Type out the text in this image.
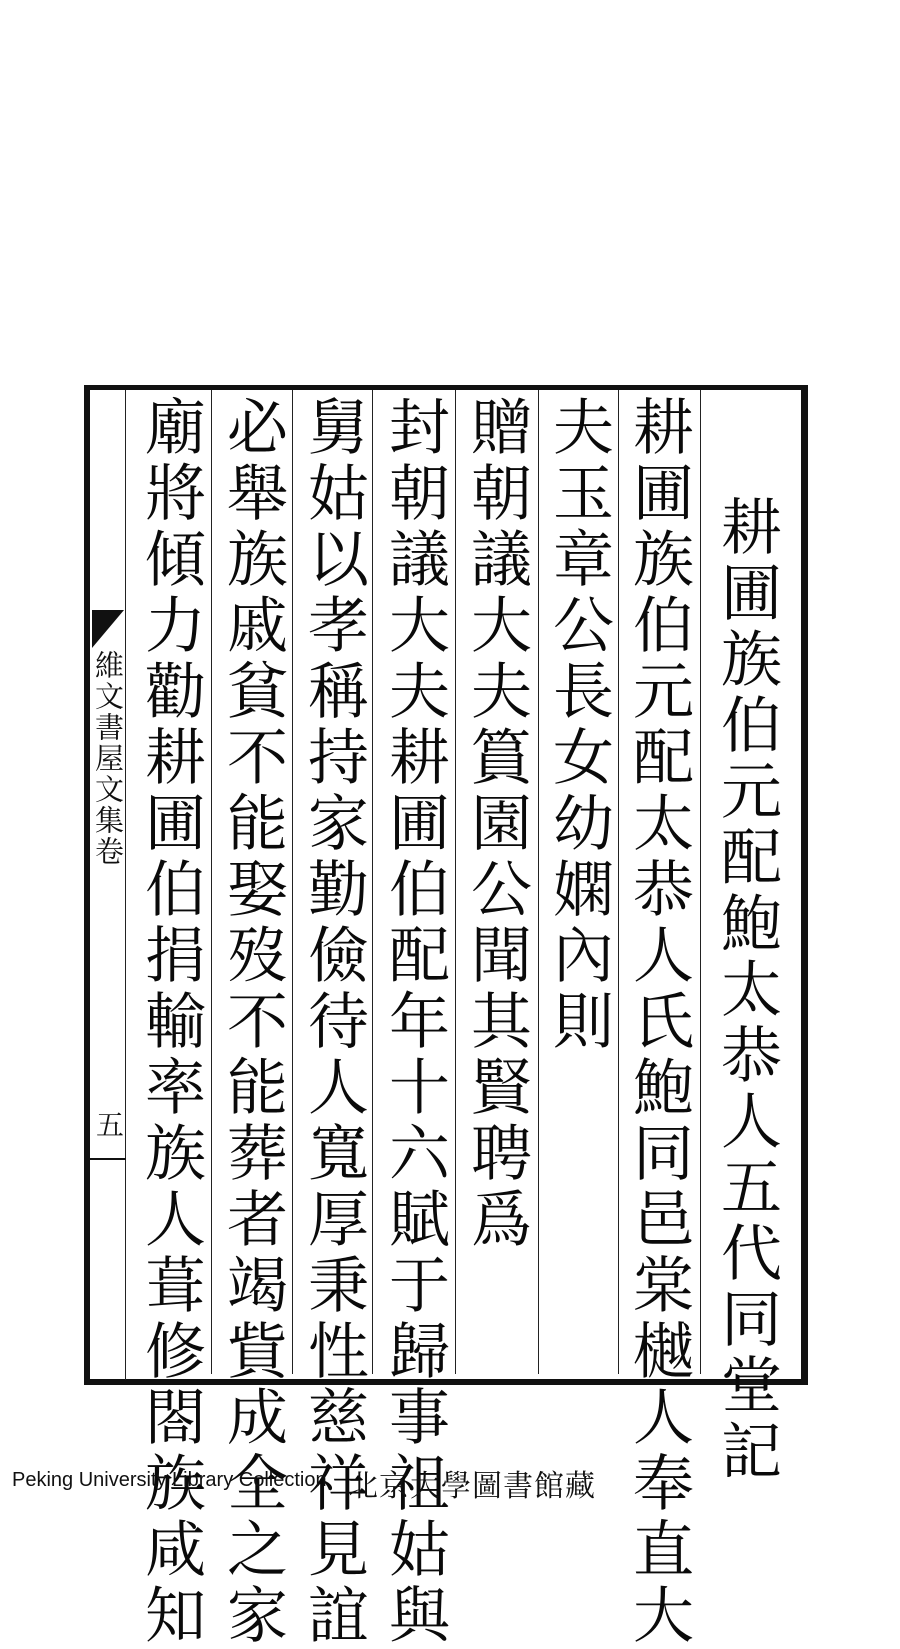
維文書屋文集卷
五	耕圃族伯元配鮑太恭人五代同堂記
耕圃族伯元配太恭人氏鮑同邑棠樾人奉直大
夫玉章公長女幼嫻內則
贈朝議大夫篔園公聞其賢聘爲
封朝議大夫耕圃伯配年十六賦于歸事祖姑與
舅姑以孝稱持家勤儉待人寬厚秉性慈祥見誼
必舉族戚貧不能娶歿不能葬者竭貲成全之家
廟將傾力勸耕圃伯捐輸率族人葺修閤族咸知
Peking University Library Collection 北京大學圖書館藏
